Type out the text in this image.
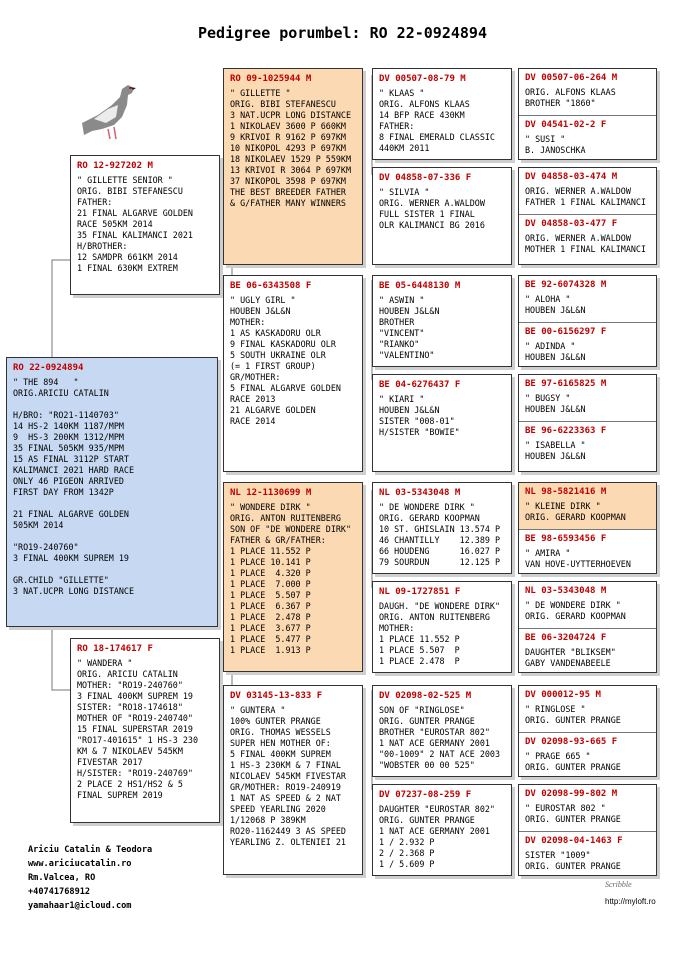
Pedigree porumbel: RO 22-0924894
RO 22-0924894
" THE 894   "
ORIG.ARICIU CATALIN

H/BRO: "RO21-1140703"
14 HS-2 140KM 1187/MPM
9  HS-3 200KM 1312/MPM
35 FINAL 505KM 935/MPM
15 AS FINAL 3112P START
KALIMANCI 2021 HARD RACE
ONLY 46 PIGEON ARRIVED
FIRST DAY FROM 1342P

21 FINAL ALGARVE GOLDEN
505KM 2014

"RO19-240760"
3 FINAL 400KM SUPREM 19

GR.CHILD "GILLETTE"
3 NAT.UCPR LONG DISTANCE
RO 12-927202 M
" GILLETTE SENIOR "
ORIG. BIBI STEFANESCU
FATHER:
21 FINAL ALGARVE GOLDEN
RACE 505KM 2014
35 FINAL KALIMANCI 2021
H/BROTHER:
12 SAMDPR 661KM 2014
1 FINAL 630KM EXTREM
RO 18-174617 F
" WANDERA "
ORIG. ARICIU CATALIN
MOTHER: "RO19-240760"
3 FINAL 400KM SUPREM 19
SISTER: "RO18-174618"
MOTHER OF "RO19-240740"
15 FINAL SUPERSTAR 2019
"RO17-401615" 1 HS-3 230
KM & 7 NIKOLAEV 545KM
FIVESTAR 2017
H/SISTER: "RO19-240769"
2 PLACE 2 HS1/HS2 & 5
FINAL SUPREM 2019
RO 09-1025944 M
" GILLETTE "
ORIG. BIBI STEFANESCU
3 NAT.UCPR LONG DISTANCE
1 NIKOLAEV 3600 P 660KM
9 KRIVOI R 9162 P 697KM
10 NIKOPOL 4293 P 697KM
18 NIKOLAEV 1529 P 559KM
13 KRIVOI R 3064 P 697KM
37 NIKOPOL 3598 P 697KM
THE BEST BREEDER FATHER
& G/FATHER MANY WINNERS
BE 06-6343508 F
" UGLY GIRL "
HOUBEN J&L&N
MOTHER:
1 AS KASKADORU OLR
9 FINAL KASKADORU OLR
5 SOUTH UKRAINE OLR
(= 1 FIRST GROUP)
GR/MOTHER:
5 FINAL ALGARVE GOLDEN
RACE 2013
21 ALGARVE GOLDEN
RACE 2014
NL 12-1130699 M
" WONDERE DIRK "
ORIG. ANTON RUITENBERG
SON OF "DE WONDERE DIRK"
FATHER & GR/FATHER:
1 PLACE 11.552 P
1 PLACE 10.141 P
1 PLACE  4.320 P
1 PLACE  7.000 P
1 PLACE  5.507 P
1 PLACE  6.367 P
1 PLACE  2.478 P
1 PLACE  3.677 P
1 PLACE  5.477 P
1 PLACE  1.913 P
DV 03145-13-833 F
" GUNTERA "
100% GUNTER PRANGE
ORIG. THOMAS WESSELS
SUPER HEN MOTHER OF:
5 FINAL 400KM SUPREM
1 HS-3 230KM & 7 FINAL
NICOLAEV 545KM FIVESTAR
GR/MOTHER: RO19-240919
1 NAT AS SPEED & 2 NAT
SPEED YEARLING 2020
1/12068 P 389KM
RO20-1162449 3 AS SPEED
YEARLING Z. OLTENIEI 21
DV 00507-08-79 M
" KLAAS "
ORIG. ALFONS KLAAS
14 BFP RACE 430KM
FATHER:
8 FINAL EMERALD CLASSIC
440KM 2011
DV 04858-07-336 F
" SILVIA "
ORIG. WERNER A.WALDOW
FULL SISTER 1 FINAL
OLR KALIMANCI BG 2016
BE 05-6448130 M
" ASWIN "
HOUBEN J&L&N
BROTHER
"VINCENT"
"RIANKO"
"VALENTINO"
BE 04-6276437 F
" KIARI "
HOUBEN J&L&N
SISTER "008-01"
H/SISTER "BOWIE"
NL 03-5343048 M
" DE WONDERE DIRK "
ORIG. GERARD KOOPMAN
10 ST. GHISLAIN 13.574 P
46 CHANTILLY    12.389 P
66 HOUDENG      16.027 P
79 SOURDUN      12.125 P
NL 09-1727851 F
DAUGH. "DE WONDERE DIRK"
ORIG. ANTON RUITENBERG
MOTHER:
1 PLACE 11.552 P
1 PLACE 5.507  P
1 PLACE 2.478  P
DV 02098-02-525 M
SON OF "RINGLOSE"
ORIG. GUNTER PRANGE
BROTHER "EUROSTAR 802"
1 NAT ACE GERMANY 2001
"00-1009" 2 NAT ACE 2003
"WOBSTER 00 00 525"
DV 07237-08-259 F
DAUGHTER "EUROSTAR 802"
ORIG. GUNTER PRANGE
1 NAT ACE GERMANY 2001
1 / 2.932 P
2 / 2.368 P
1 / 5.609 P
DV 00507-06-264 M
ORIG. ALFONS KLAAS
BROTHER "1860"
DV 04541-02-2 F
" SUSI "
B. JANOSCHKA
DV 04858-03-474 M
ORIG. WERNER A.WALDOW
FATHER 1 FINAL KALIMANCI
DV 04858-03-477 F
ORIG. WERNER A.WALDOW
MOTHER 1 FINAL KALIMANCI
BE 92-6074328 M
" ALOHA "
HOUBEN J&L&N
BE 00-6156297 F
" ADINDA "
HOUBEN J&L&N
BE 97-6165825 M
" BUGSY "
HOUBEN J&L&N
BE 96-6223363 F
" ISABELLA "
HOUBEN J&L&N
NL 98-5821416 M
" KLEINE DIRK "
ORIG. GERARD KOOPMAN
BE 98-6593456 F
" AMIRA "
VAN HOVE-UYTTERHOEVEN
NL 03-5343048 M
" DE WONDERE DIRK "
ORIG. GERARD KOOPMAN
BE 06-3204724 F
DAUGHTER "BLIKSEM"
GABY VANDENABEELE
DV 000012-95 M
" RINGLOSE "
ORIG. GUNTER PRANGE
DV 02098-93-665 F
" PRAGE 665 "
ORIG. GUNTER PRANGE
DV 02098-99-802 M
" EUROSTAR 802 "
ORIG. GUNTER PRANGE
DV 02098-04-1463 F
SISTER "1009"
ORIG. GUNTER PRANGE
Ariciu Catalin & Teodora
www.ariciucatalin.ro
Rm.Valcea, RO
+40741768912
yamahaar1@icloud.com
Scribble
http://myloft.ro
